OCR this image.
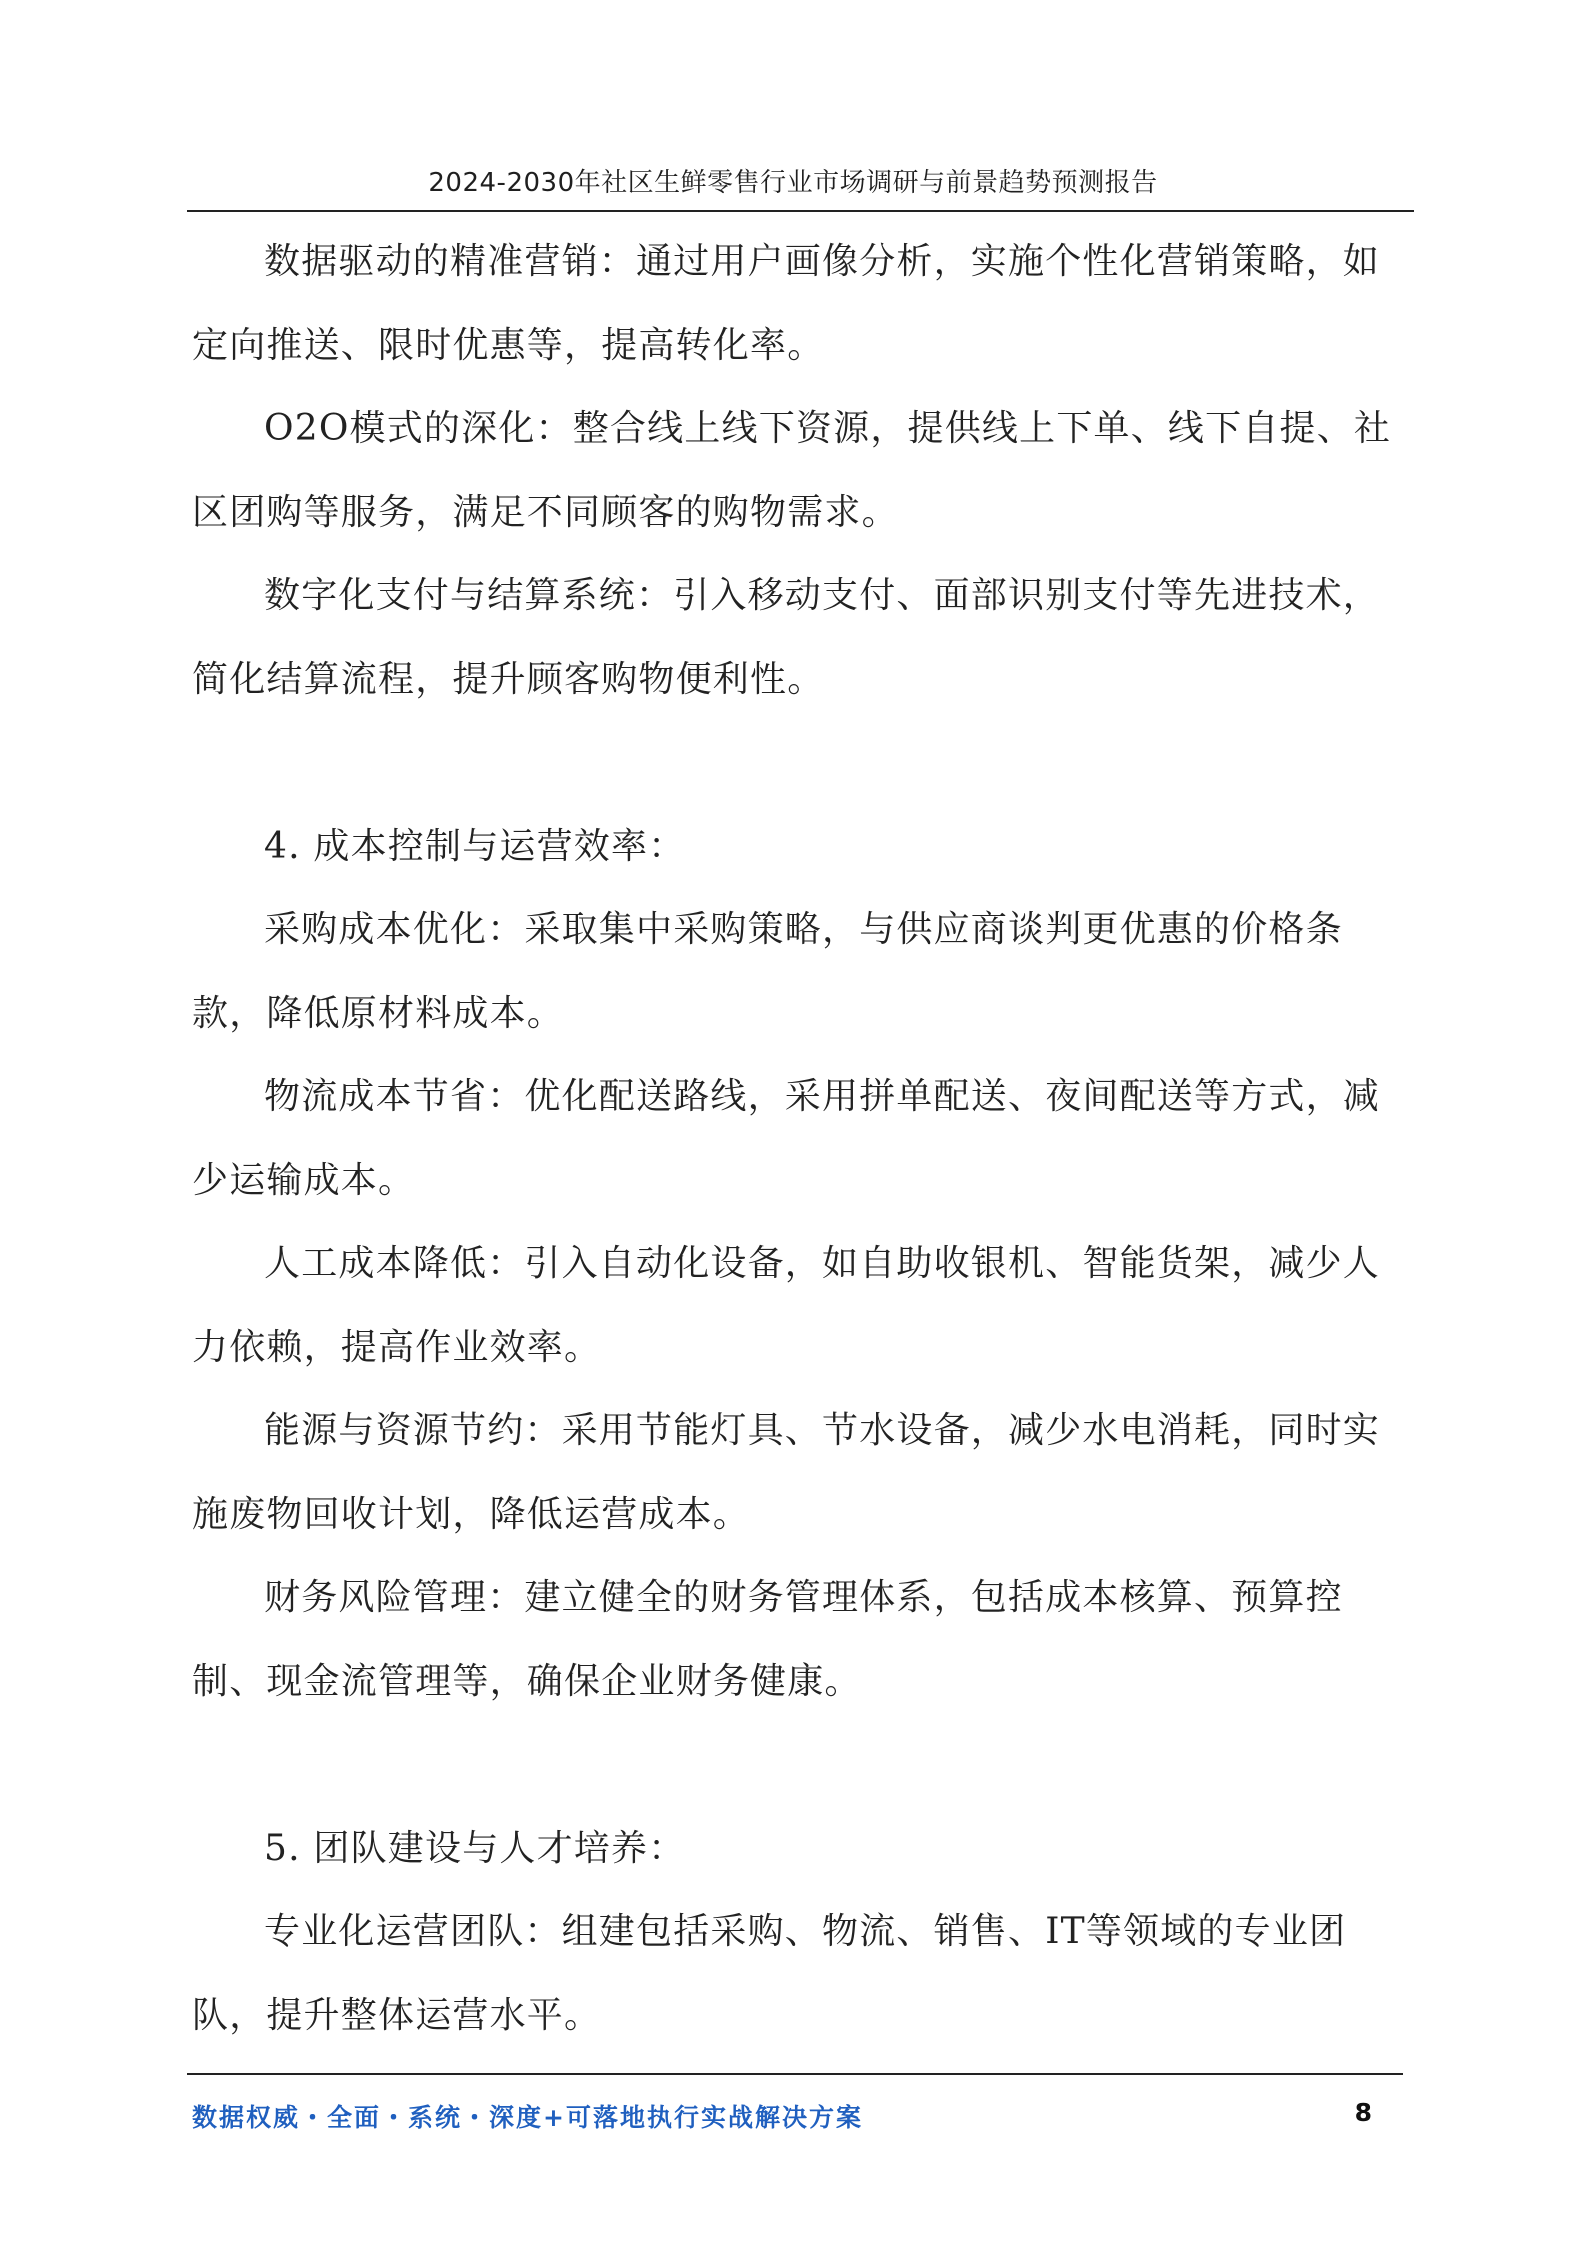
2024-2030年社区生鲜零售行业市场调研与前景趋势预测报告

数据驱动的精准营销：通过用户画像分析，实施个性化营销策略，如定向推送、限时优惠等，提高转化率。

O2O模式的深化：整合线上线下资源，提供线上下单、线下自提、社区团购等服务，满足不同顾客的购物需求。

数字化支付与结算系统：引入移动支付、面部识别支付等先进技术，简化结算流程，提升顾客购物便利性。

4. 成本控制与运营效率：

采购成本优化：采取集中采购策略，与供应商谈判更优惠的价格条款，降低原材料成本。

物流成本节省：优化配送路线，采用拼单配送、夜间配送等方式，减少运输成本。

人工成本降低：引入自动化设备，如自助收银机、智能货架，减少人力依赖，提高作业效率。

能源与资源节约：采用节能灯具、节水设备，减少水电消耗，同时实施废物回收计划，降低运营成本。

财务风险管理：建立健全的财务管理体系，包括成本核算、预算控制、现金流管理等，确保企业财务健康。

5. 团队建设与人才培养：

专业化运营团队：组建包括采购、物流、销售、IT等领域的专业团队，提升整体运营水平。

数据权威・全面・系统・深度+可落地执行实战解决方案	8
